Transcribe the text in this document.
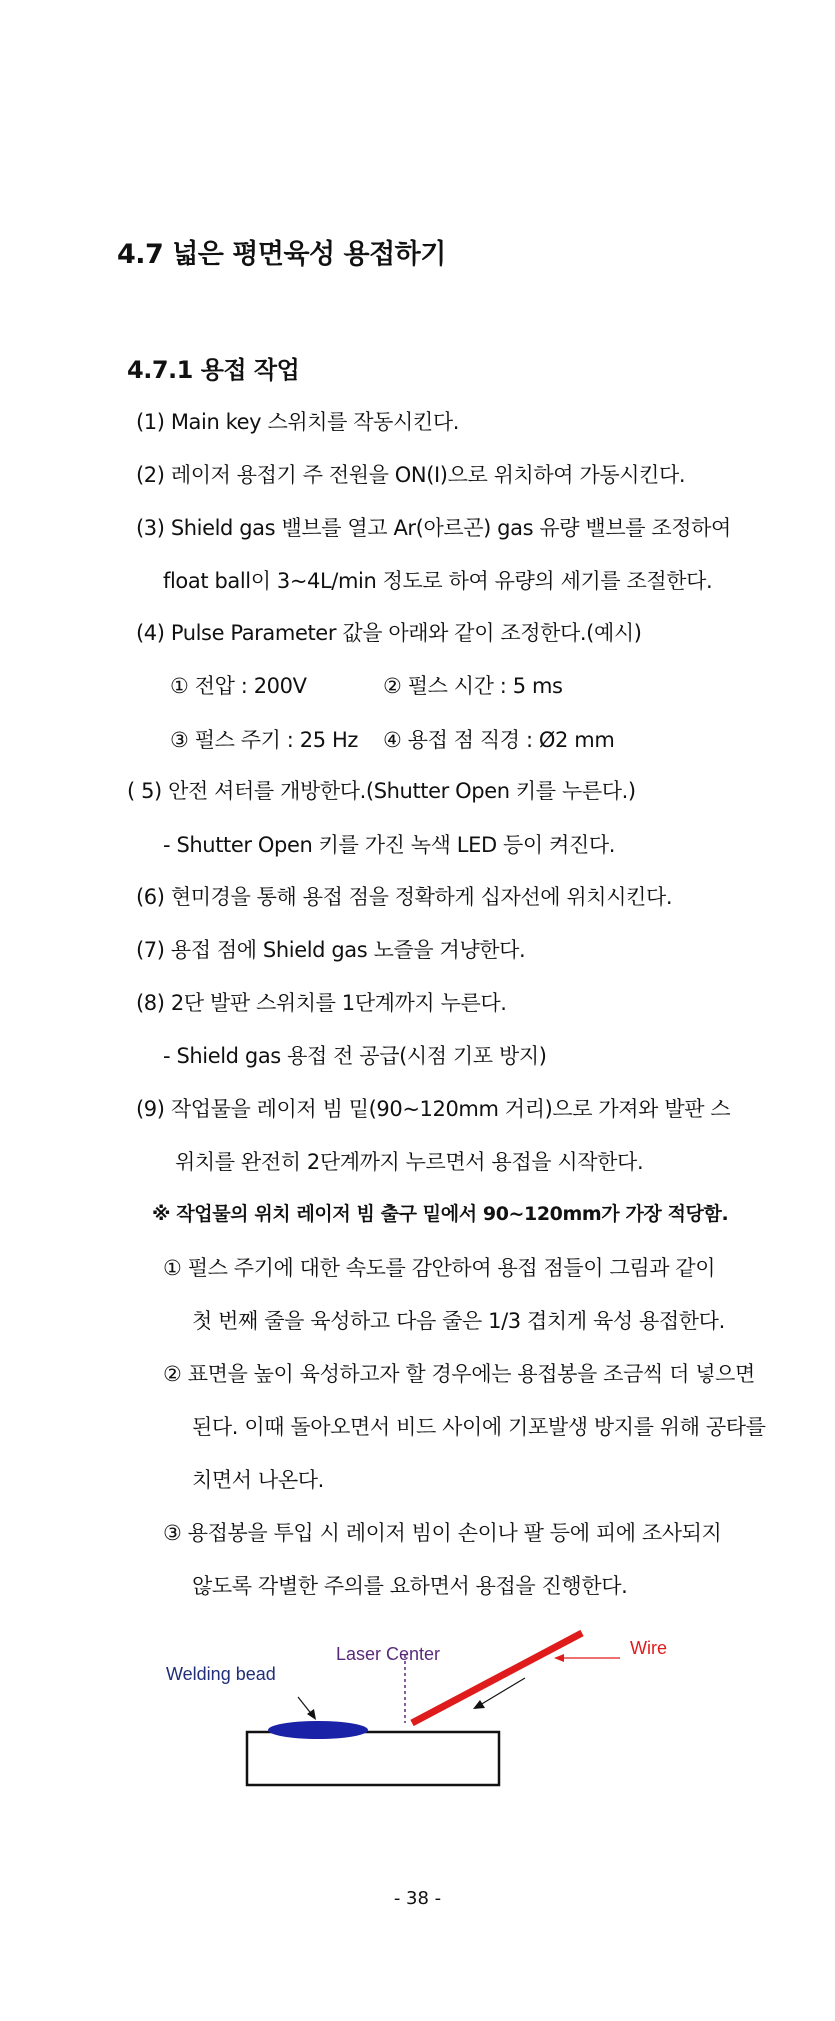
4.7 넓은 평면육성 용접하기
4.7.1 용접 작업
(1) Main key 스위치를 작동시킨다.
(2) 레이저 용접기 주 전원을 ON(Ⅰ)으로 위치하여 가동시킨다.
(3) Shield gas 밸브를 열고 Ar(아르곤) gas 유량 밸브를 조정하여
float ball이 3~4L/min 정도로 하여 유량의 세기를 조절한다.
(4) Pulse Parameter 값을 아래와 같이 조정한다.(예시)
① 전압 : 200V	② 펄스 시간 : 5 ms
③ 펄스 주기 : 25 Hz ④ 용접 점 직경 : Ø2 mm
( 5) 안전 셔터를 개방한다.(Shutter Open 키를 누른다.)
- Shutter Open 키를 가진 녹색 LED 등이 켜진다.
(6) 현미경을 통해 용접 점을 정확하게 십자선에 위치시킨다.
(7) 용접 점에 Shield gas 노즐을 겨냥한다.
(8) 2단 발판 스위치를 1단계까지 누른다.
- Shield gas 용접 전 공급(시점 기포 방지)
(9) 작업물을 레이저 빔 밑(90~120mm 거리)으로 가져와 발판 스
위치를 완전히 2단계까지 누르면서 용접을 시작한다.
※ 작업물의 위치 레이저 빔 출구 밑에서 90~120mm가 가장 적당함.
① 펄스 주기에 대한 속도를 감안하여 용접 점들이 그림과 같이
첫 번째 줄을 육성하고 다음 줄은 1/3 겹치게 육성 용접한다.
② 표면을 높이 육성하고자 할 경우에는 용접봉을 조금씩 더 넣으면
된다. 이때 돌아오면서 비드 사이에 기포발생 방지를 위해 공타를
치면서 나온다.
③ 용접봉을 투입 시 레이저 빔이 손이나 팔 등에 피에 조사되지
않도록 각별한 주의를 요하면서 용접을 진행한다.
Welding bead
Laser Center	Wire
- 38 -
